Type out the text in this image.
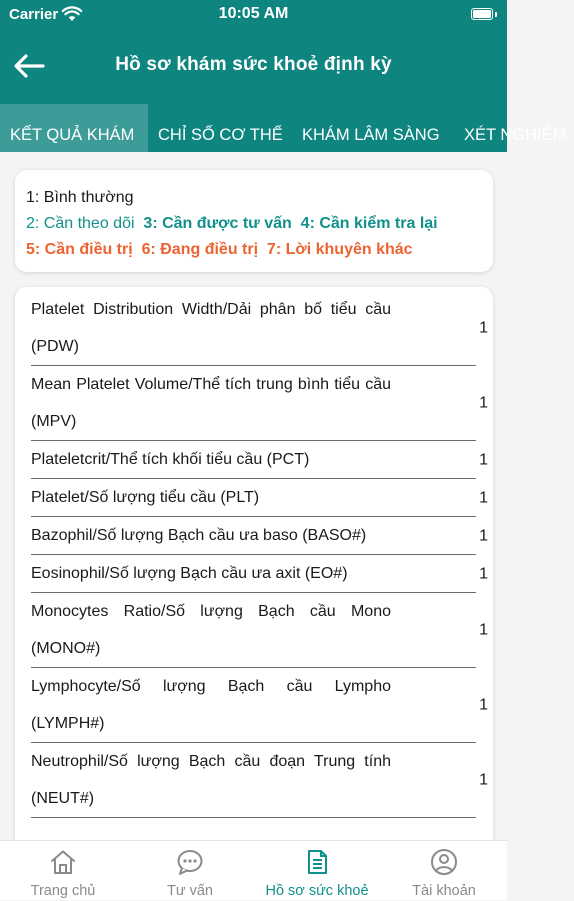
Carrier	10:05 AM
Hồ sơ khám sức khoẻ định kỳ
KẾT QUẢ KHÁM	CHỈ SỐ CƠ THỂ	KHÁM LÂM SÀNG	XÉT NGHIỆM
1: Bình thường
2: Cần theo dõi 3: Cần được tư vấn 4: Cần kiểm tra lại
5: Cần điều trị 6: Đang điều trị 7: Lời khuyên khác
Platelet Distribution Width/Dải phân bố tiểu cầu (PDW)
1
Mean Platelet Volume/Thể tích trung bình tiểu cầu (MPV)
1
Plateletcrit/Thể tích khối tiểu cầu (PCT)	1
Platelet/Số lượng tiểu cầu (PLT)	1
Bazophil/Số lượng Bạch cầu ưa baso (BASO#)	1
Eosinophil/Số lượng Bạch cầu ưa axit (EO#)	1
Monocytes Ratio/Số lượng Bạch cầu Mono (MONO#)
1
Lymphocyte/Số lượng Bạch cầu Lympho (LYMPH#)
1
Neutrophil/Số lượng Bạch cầu đoạn Trung tính (NEUT#)
1
Trang chủ	Tư vấn	Hồ sơ sức khoẻ	Tài khoản
